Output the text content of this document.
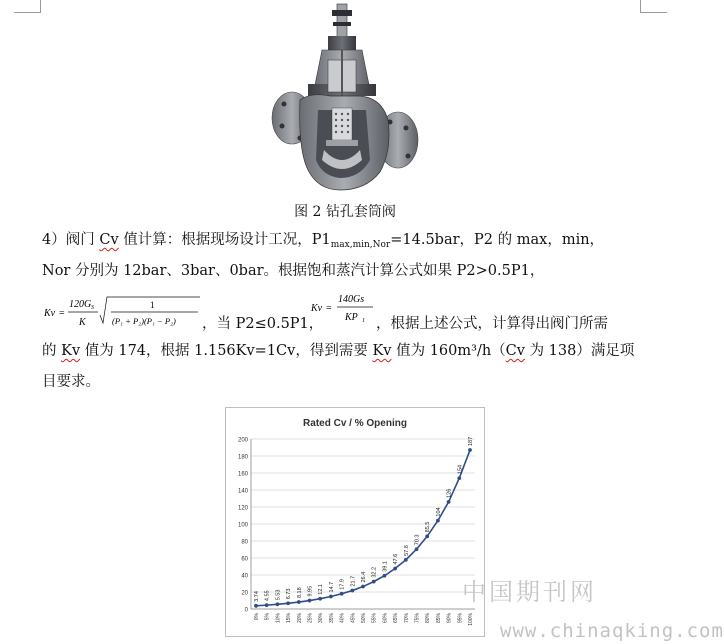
图 2 钻孔套筒阀
4）阀门 Cv 值计算：根据现场设计工况，$P1_{max,min,Nor}=14.5bar$，P2 的 max，min，
Nor 分别为 12bar、3bar、0bar。根据饱和蒸汽计算公式如果 P2>0.5P1，
Kv =
120G S
K
1
(P₁ + P₂)(P₁ − P₂) ，当 P2≤0.5P1，
Kv =
140Gs
KP 1 ，根据上述公式，计算得出阀门所需
的 Kv 值为 174，根据 1.156Kv=1Cv，得到需要 Kv 值为 160m³/h（Cv 为 138）满足项
目要求。
Rated Cv / % Opening
0
20
40
60
80
100
120
140
160
180
200
0% 5% 10% 15% 20% 25% 30% 35% 40% 45% 50% 55% 60% 65% 70% 75% 80% 85% 90% 95% 100%
3.74 4.55 5.53 6.73 8.18 9.95 12.1 14.7 17.9 21.7 26.4 32.2
39.1
47.6
57.8
70.3
85.5
104
126
154
187
中国期刊网
www.chinaqking.com
